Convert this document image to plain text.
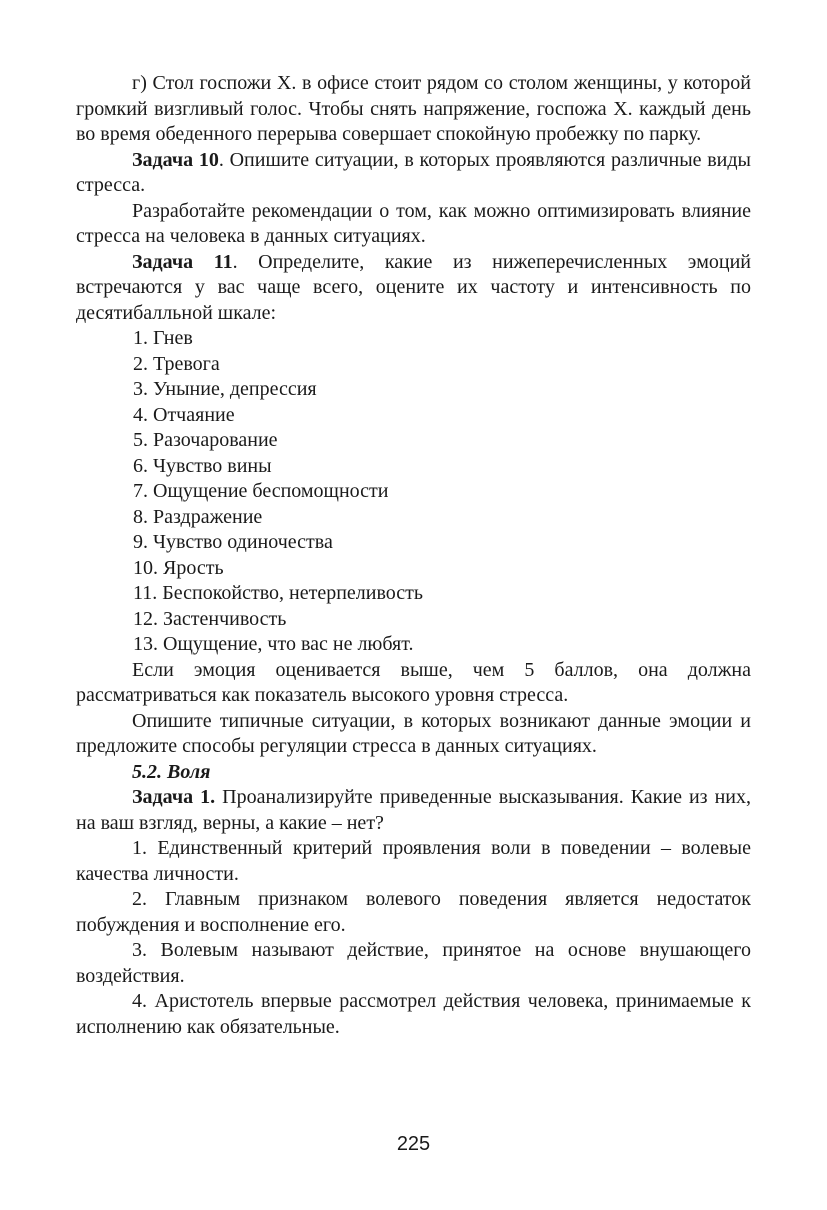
г) Стол госпожи Х. в офисе стоит рядом со столом женщины, у которой громкий визгливый голос. Чтобы снять напряжение, госпожа Х. каждый день во время обеденного перерыва совершает спокойную пробежку по парку.

Задача 10. Опишите ситуации, в которых проявляются различные виды стресса.

Разработайте рекомендации о том, как можно оптимизировать влияние стресса на человека в данных ситуациях.

Задача 11. Определите, какие из нижеперечисленных эмоций встречаются у вас чаще всего, оцените их частоту и интенсивность по десятибалльной шкале:

1. Гнев
2. Тревога
3. Уныние, депрессия
4. Отчаяние
5. Разочарование
6. Чувство вины
7. Ощущение беспомощности
8. Раздражение
9. Чувство одиночества
10. Ярость
11. Беспокойство, нетерпеливость
12. Застенчивость
13. Ощущение, что вас не любят.

Если эмоция оценивается выше, чем 5 баллов, она должна рассматриваться как показатель высокого уровня стресса.

Опишите типичные ситуации, в которых возникают данные эмоции и предложите способы регуляции стресса в данных ситуациях.

5.2. Воля

Задача 1. Проанализируйте приведенные высказывания. Какие из них, на ваш взгляд, верны, а какие – нет?

1. Единственный критерий проявления воли в поведении – волевые качества личности.

2. Главным признаком волевого поведения является недостаток побуждения и восполнение его.

3. Волевым называют действие, принятое на основе внушающего воздействия.

4. Аристотель впервые рассмотрел действия человека, принимаемые к исполнению как обязательные.

225
